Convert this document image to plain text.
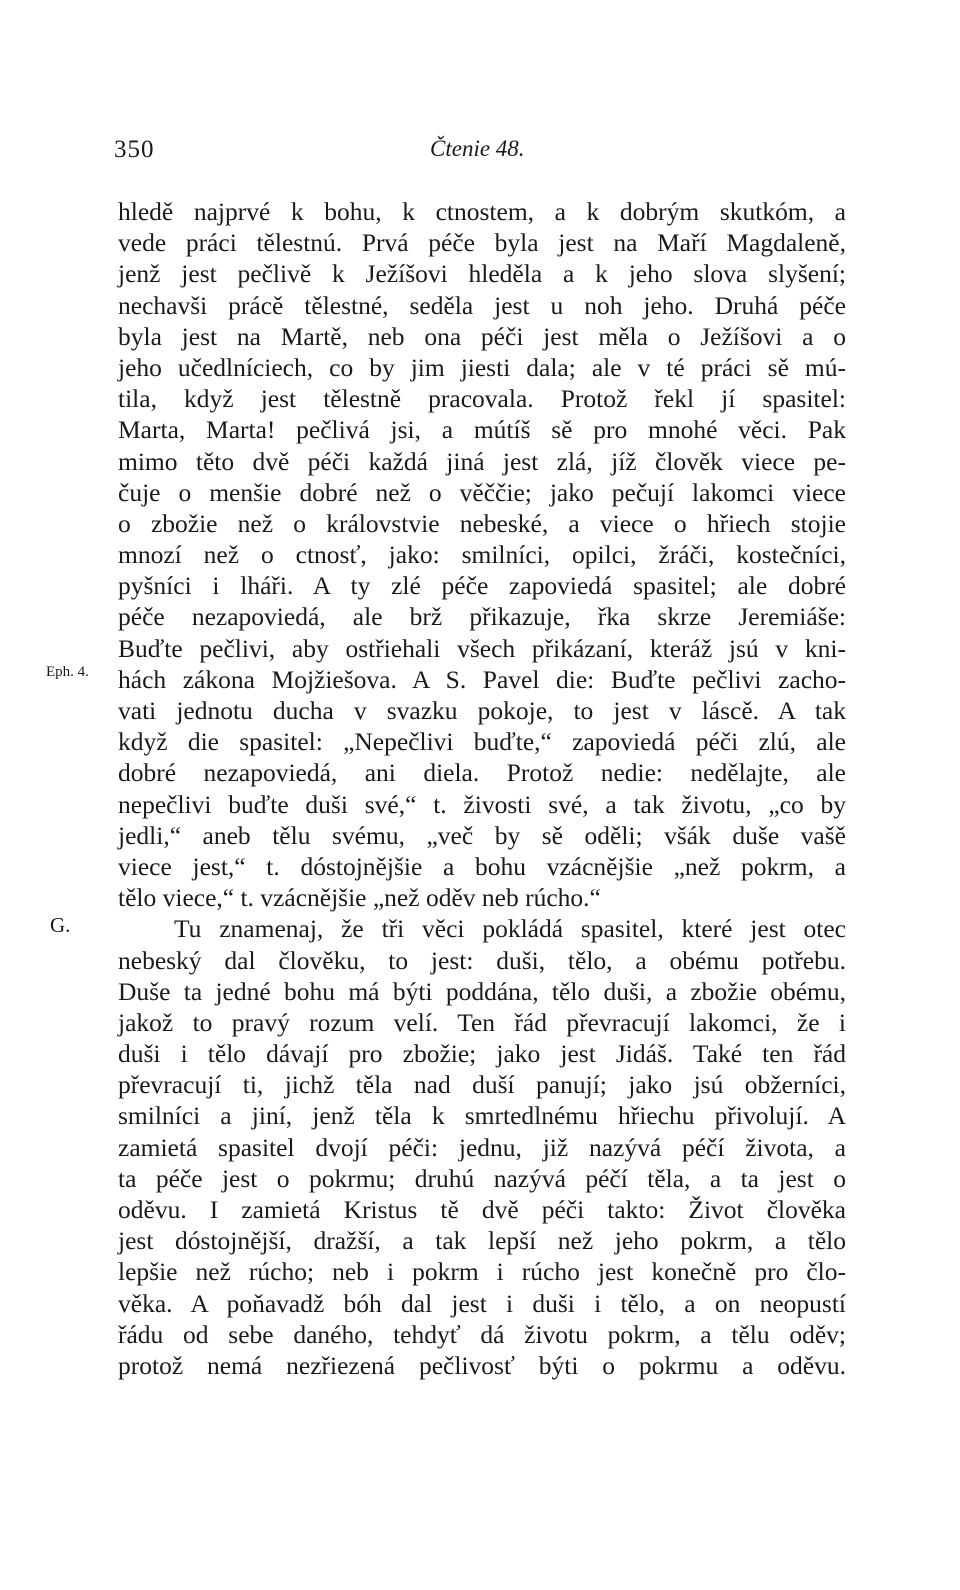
350	Čtenie 48.
hledě najprvé k bohu, k ctnostem, a k dobrým skutkóm, a
vede práci tělestnú. Prvá péče byla jest na Maří Magdaleně,
jenž jest pečlivě k Ježíšovi hleděla a k jeho slova slyšení;
nechavši prácě tělestné, seděla jest u noh jeho. Druhá péče
byla jest na Martě, neb ona péči jest měla o Ježíšovi a o
jeho učedlníciech, co by jim jiesti dala; ale v té práci sě mú-
tila, když jest tělestně pracovala. Protož řekl jí spasitel:
Marta, Marta! pečlivá jsi, a mútíš sě pro mnohé věci. Pak
mimo těto dvě péči každá jiná jest zlá, jíž člověk viece pe-
čuje o menšie dobré než o věččie; jako pečují lakomci viece
o zbožie než o královstvie nebeské, a viece o hřiech stojie
mnozí než o ctnosť, jako: smilníci, opilci, žráči, kostečníci,
pyšníci i lháři. A ty zlé péče zapoviedá spasitel; ale dobré
péče nezapoviedá, ale brž přikazuje, řka skrze Jeremiáše:
Buďte pečlivi, aby ostřiehali všech přikázaní, kteráž jsú v kni-
Eph. 4. hách zákona Mojžiešova. A S. Pavel die: Buďte pečlivi zacho-
vati jednotu ducha v svazku pokoje, to jest v láscě. A tak
když die spasitel: „Nepečlivi buďte,“ zapoviedá péči zlú, ale
dobré nezapoviedá, ani diela. Protož nedie: nedělajte, ale
nepečlivi buďte duši své,“ t. živosti své, a tak životu, „co by
jedli,“ aneb tělu svému, „več by sě oděli; všák duše vašě
viece jest,“ t. dóstojnějšie a bohu vzácnějšie „než pokrm, a
tělo viece,“ t. vzácnějšie „než oděv neb rúcho.“
G.	Tu znamenaj, že tři věci pokládá spasitel, které jest otec
nebeský dal člověku, to jest: duši, tělo, a obému potřebu.
Duše ta jedné bohu má býti poddána, tělo duši, a zbožie obému,
jakož to pravý rozum velí. Ten řád převracují lakomci, že i
duši i tělo dávají pro zbožie; jako jest Jidáš. Také ten řád
převracují ti, jichž těla nad duší panují; jako jsú obžerníci,
smilníci a jiní, jenž těla k smrtedlnému hřiechu přivolují. A
zamietá spasitel dvojí péči: jednu, již nazývá péčí života, a
ta péče jest o pokrmu; druhú nazývá péčí těla, a ta jest o
oděvu. I zamietá Kristus tě dvě péči takto: Život člověka
jest dóstojnější, dražší, a tak lepší než jeho pokrm, a tělo
lepšie než rúcho; neb i pokrm i rúcho jest konečně pro člo-
věka. A poňavadž bóh dal jest i duši i tělo, a on neopustí
řádu od sebe daného, tehdyť dá životu pokrm, a tělu oděv;
protož nemá nezřiezená pečlivosť býti o pokrmu a oděvu.
